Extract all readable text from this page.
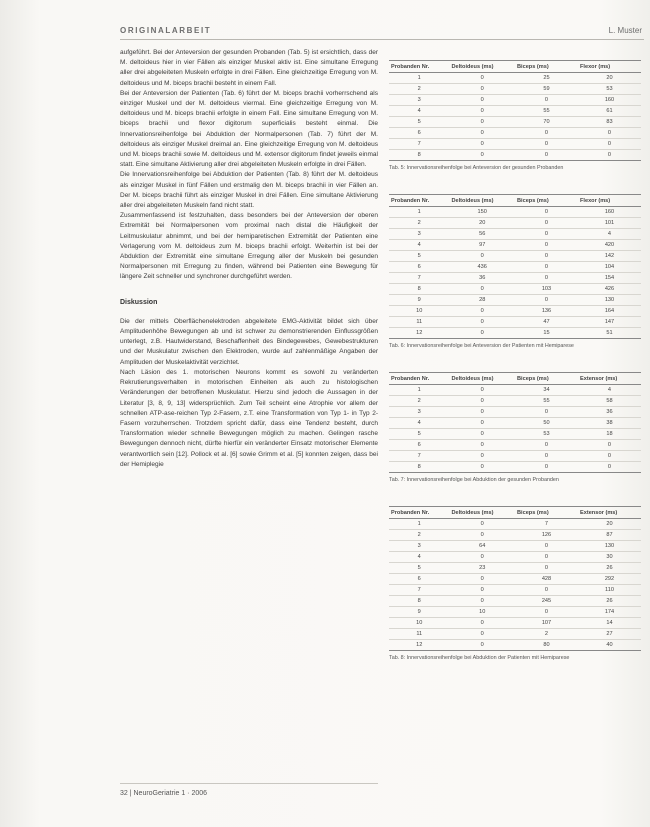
ORIGINALARBEIT	L. Muster

aufgeführt. Bei der Anteversion der gesunden Probanden (Tab. 5) ist ersichtlich, dass der M. deltoideus hier in vier Fällen als einziger Muskel aktiv ist. Eine simultane Erregung aller drei abgeleiteten Muskeln erfolgte in drei Fällen. Eine gleichzeitige Erregung von M. deltoideus und M. biceps brachii besteht in einem Fall.

Bei der Anteversion der Patienten (Tab. 6) führt der M. biceps brachii vorherrschend als einziger Muskel und der M. deltoideus viermal. Eine gleichzeitige Erregung von M. deltoideus und M. biceps brachii erfolgte in einem Fall. Eine simultane Erregung von M. biceps brachii und flexor digitorum superficialis besteht einmal. Die Innervationsreihenfolge bei Abduktion der Normalpersonen (Tab. 7) führt der M. deltoideus als einziger Muskel dreimal an. Eine gleichzeitige Erregung von M. deltoideus und M. biceps brachii sowie M. deltoideus und M. extensor digitorum findet jeweils einmal statt. Eine simultane Aktivierung aller drei abgeleiteten Muskeln erfolgte in drei Fällen.

Die Innervationsreihenfolge bei Abduktion der Patienten (Tab. 8) führt der M. deltoideus als einziger Muskel in fünf Fällen und erstmalig den M. biceps brachii in vier Fällen an. Der M. biceps brachii führt als einziger Muskel in drei Fällen. Eine simultane Aktivierung aller drei abgeleiteten Muskeln fand nicht statt.

Zusammenfassend ist festzuhalten, dass besonders bei der Anteversion der oberen Extremität bei Normalpersonen vom proximal nach distal die Häufigkeit der Leitmuskulatur abnimmt, und bei der hemiparetischen Extremität der Patienten eine Verlagerung vom M. deltoideus zum M. biceps brachii erfolgt. Weiterhin ist bei der Abduktion der Extremität eine simultane Erregung aller der Muskeln bei gesunden Normalpersonen mit Erregung zu finden, während bei Patienten eine Bewegung für längere Zeit schneller und synchroner durchgeführt werden.

Diskussion

Die der mittels Oberflächenelektroden abgeleitete EMG-Aktivität bildet sich über Amplitudenhöhe Bewegungen ab und ist schwer zu demonstrierenden Einflussgrößen unterlegt, z.B. Hautwiderstand, Beschaffenheit des Bindegewebes, Gewebestrukturen und der Muskulatur zwischen den Elektroden, wurde auf zahlenmäßige Angaben der Amplituden der Muskelaktivität verzichtet.

Nach Läsion des 1. motorischen Neurons kommt es sowohl zu veränderten Rekrutierungsverhalten in motorischen Einheiten als auch zu histologischen Veränderungen der betroffenen Muskulatur. Hierzu sind jedoch die Aussagen in der Literatur [3, 8, 9, 13] widersprüchlich. Zum Teil scheint eine Atrophie vor allem der schnellen ATP-ase-reichen Typ 2-Fasern, z.T. eine Transformation von Typ 1- in Typ 2-Fasern vorzuherrschen. Trotzdem spricht dafür, dass eine Tendenz besteht, durch Transformation wieder schnelle Bewegungen möglich zu machen. Gelingen rasche Bewegungen dennoch nicht, dürfte hierfür ein veränderter Einsatz motorischer Elemente verantwortlich sein [12]. Pollock et al. [6] sowie Grimm et al. [5] konnten zeigen, dass bei der Hemiplegie

Probanden Nr.	Deltoideus (ms)	Biceps (ms)	Flexor (ms)
1	0	25	20
2	0	59	53
3	0	0	160
4	0	55	61
5	0	70	83
6	0	0	0
7	0	0	0
8	0	0	0
Tab. 5: Innervationsreihenfolge bei Anteversion der gesunden Probanden
Probanden Nr.	Deltoideus (ms)	Biceps (ms)	Flexor (ms)
1	150	0	160
2	20	0	101
3	56	0	4
4	97	0	420
5	0	0	142
6	436	0	104
7	36	0	154
8	0	103	426
9	28	0	130
10	0	136	164
11	0	47	147
12	0	15	51
Tab. 6: Innervationsreihenfolge bei Anteversion der Patienten mit Hemiparese
Probanden Nr.	Deltoideus (ms)	Biceps (ms)	Extensor (ms)
1	0	34	4
2	0	55	58
3	0	0	36
4	0	50	38
5	0	53	18
6	0	0	0
7	0	0	0
8	0	0	0
Tab. 7: Innervationsreihenfolge bei Abduktion der gesunden Probanden
Probanden Nr.	Deltoideus (ms)	Biceps (ms)	Extensor (ms)
1	0	7	20
2	0	126	87
3	64	0	130
4	0	0	30
5	23	0	26
6	0	428	292
7	0	0	110
8	0	245	26
9	10	0	174
10	0	107	14
11	0	2	27
12	0	80	40
Tab. 8: Innervationsreihenfolge bei Abduktion der Patienten mit Hemiparese
32 | NeuroGeriatrie 1 · 2006
